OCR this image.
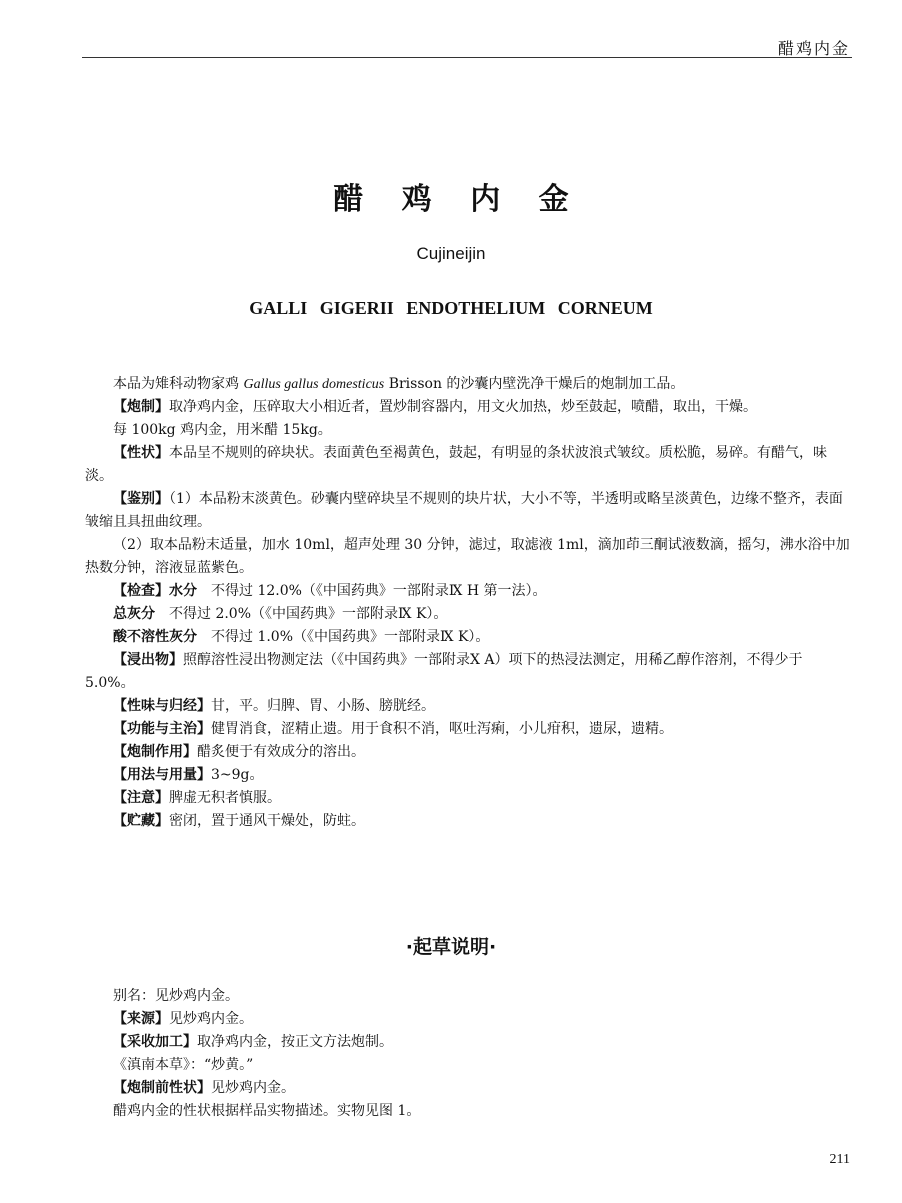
醋鸡内金
醋 鸡 内 金
Cujineijin
GALLI GIGERII ENDOTHELIUM CORNEUM

本品为雉科动物家鸡 Gallus gallus domesticus Brisson 的沙囊内壁洗净干燥后的炮制加工品。

【炮制】取净鸡内金，压碎取大小相近者，置炒制容器内，用文火加热，炒至鼓起，喷醋，取出，干燥。

每 100kg 鸡内金，用米醋 15kg。

【性状】本品呈不规则的碎块状。表面黄色至褐黄色，鼓起，有明显的条状波浪式皱纹。质松脆，易碎。有醋气，味淡。

【鉴别】（1）本品粉末淡黄色。砂囊内壁碎块呈不规则的块片状，大小不等，半透明或略呈淡黄色，边缘不整齐，表面皱缩且具扭曲纹理。

（2）取本品粉末适量，加水 10ml，超声处理 30 分钟，滤过，取滤液 1ml，滴加茚三酮试液数滴，摇匀，沸水浴中加热数分钟，溶液显蓝紫色。

【检查】水分　 不得过 12.0%（《中国药典》一部附录Ⅸ H 第一法）。

总灰分　 不得过 2.0%（《中国药典》一部附录Ⅸ K）。

酸不溶性灰分　 不得过 1.0%（《中国药典》一部附录Ⅸ K）。

【浸出物】照醇溶性浸出物测定法（《中国药典》一部附录Ⅹ A）项下的热浸法测定，用稀乙醇作溶剂，不得少于 5.0%。

【性味与归经】甘，平。归脾、胃、小肠、膀胱经。

【功能与主治】健胃消食，涩精止遗。用于食积不消，呕吐泻痢，小儿疳积，遗尿，遗精。

【炮制作用】醋炙便于有效成分的溶出。

【用法与用量】3~9g。

【注意】脾虚无积者慎服。

【贮藏】密闭，置于通风干燥处，防蛀。

·起草说明·

别名：见炒鸡内金。

【来源】见炒鸡内金。

【采收加工】取净鸡内金，按正文方法炮制。

《滇南本草》：“炒黄。”

【炮制前性状】见炒鸡内金。

醋鸡内金的性状根据样品实物描述。实物见图 1。

211
